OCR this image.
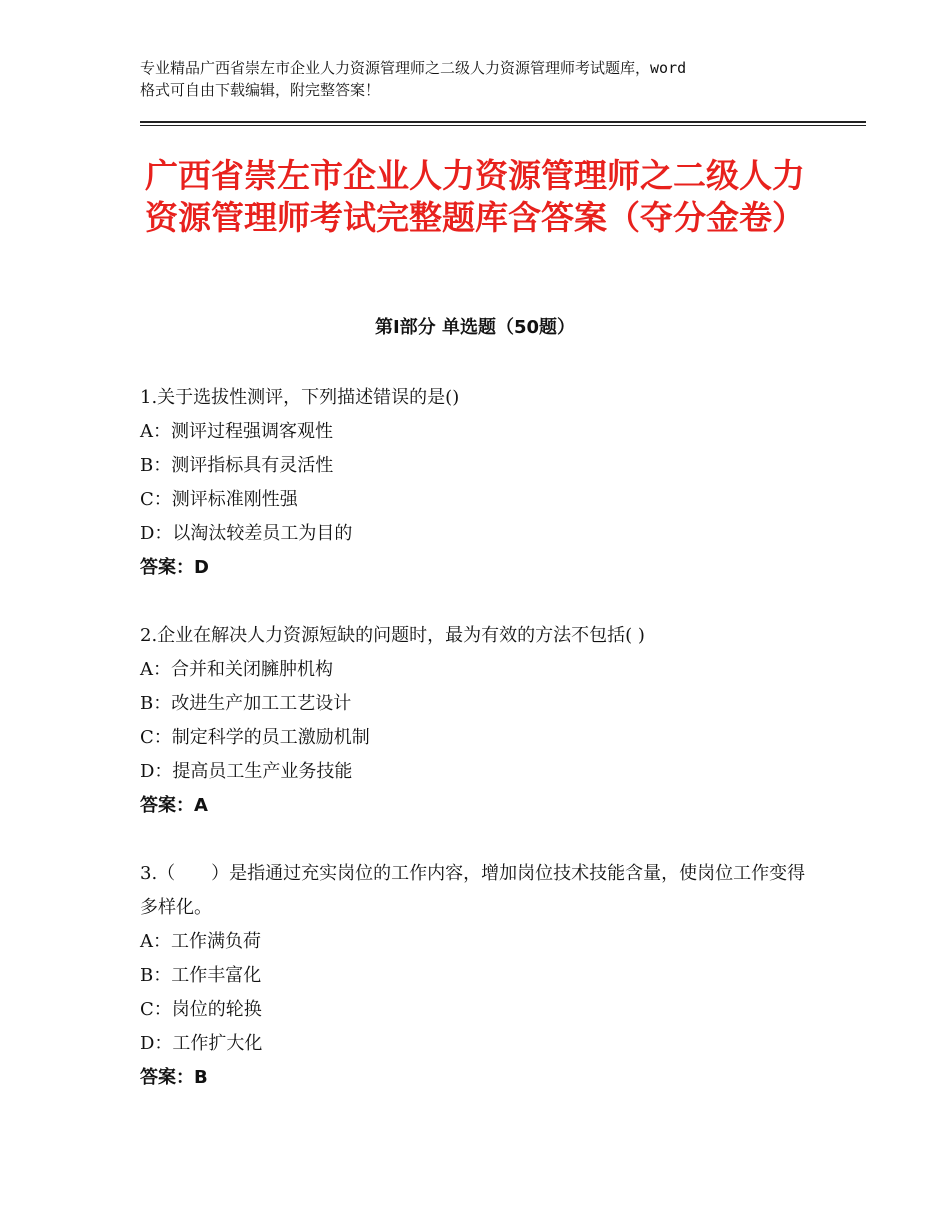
专业精品广西省崇左市企业人力资源管理师之二级人力资源管理师考试题库，word
格式可自由下载编辑，附完整答案！
广西省崇左市企业人力资源管理师之二级人力资源管理师考试完整题库含答案（夺分金卷）
第Ⅰ部分 单选题（50题）
1.关于选拔性测评，下列描述错误的是()
A：测评过程强调客观性
B：测评指标具有灵活性
C：测评标准刚性强
D：以淘汰较差员工为目的
答案：D
2.企业在解决人力资源短缺的问题时，最为有效的方法不包括( )
A：合并和关闭臃肿机构
B：改进生产加工工艺设计
C：制定科学的员工激励机制
D：提高员工生产业务技能
答案：A
3.（　　）是指通过充实岗位的工作内容，增加岗位技术技能含量，使岗位工作变得多样化。
A：工作满负荷
B：工作丰富化
C：岗位的轮换
D：工作扩大化
答案：B
